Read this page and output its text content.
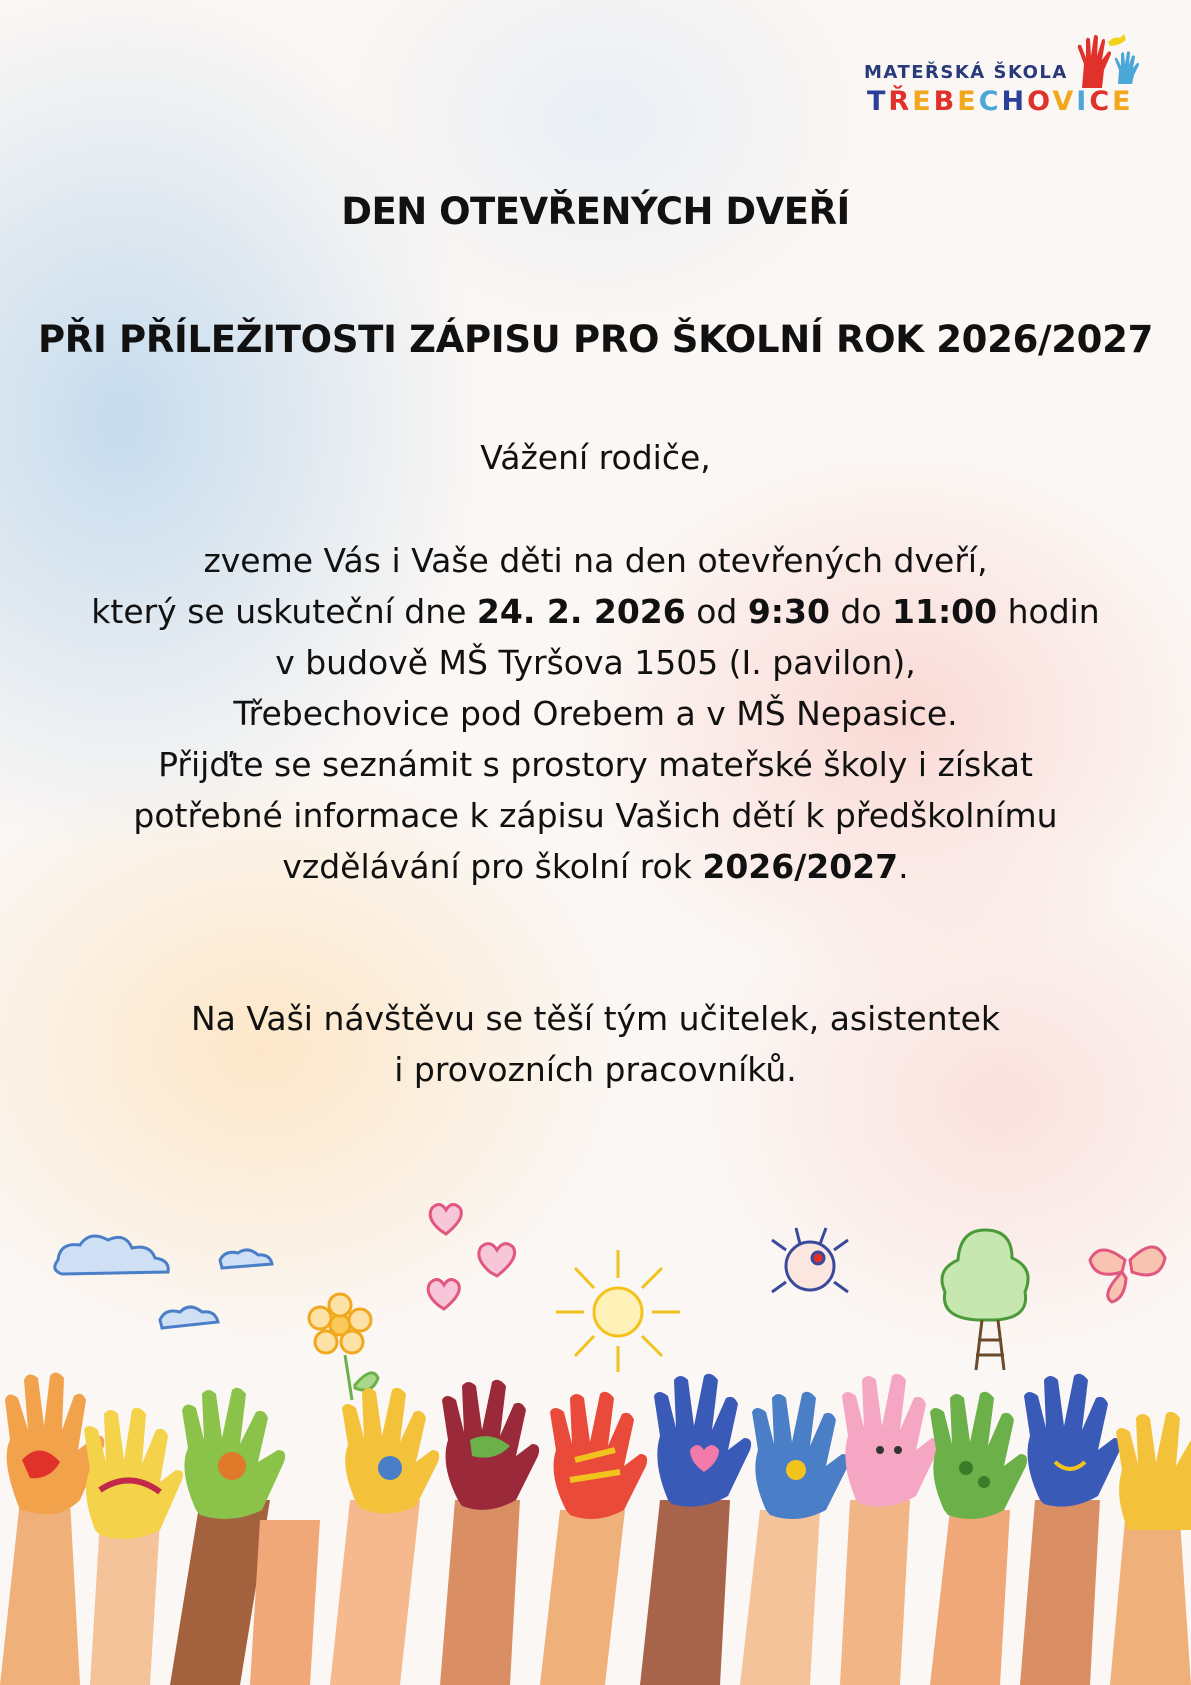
MATEŘSKÁ ŠKOLA
TŘEBECHOVICE
DEN OTEVŘENÝCH DVEŘÍ
PŘI PŘÍLEŽITOSTI ZÁPISU PRO ŠKOLNÍ ROK 2026/2027

Vážení rodiče,

zveme Vás i Vaše děti na den otevřených dveří,
který se uskuteční dne 24. 2. 2026 od 9:30 do 11:00 hodin
v budově MŠ Tyršova 1505 (I. pavilon),
Třebechovice pod Orebem a v MŠ Nepasice.
Přijďte se seznámit s prostory mateřské školy i získat
potřebné informace k zápisu Vašich dětí k předškolnímu
vzdělávání pro školní rok 2026/2027.
Na Vaši návštěvu se těší tým učitelek, asistentek
i provozních pracovníků.
